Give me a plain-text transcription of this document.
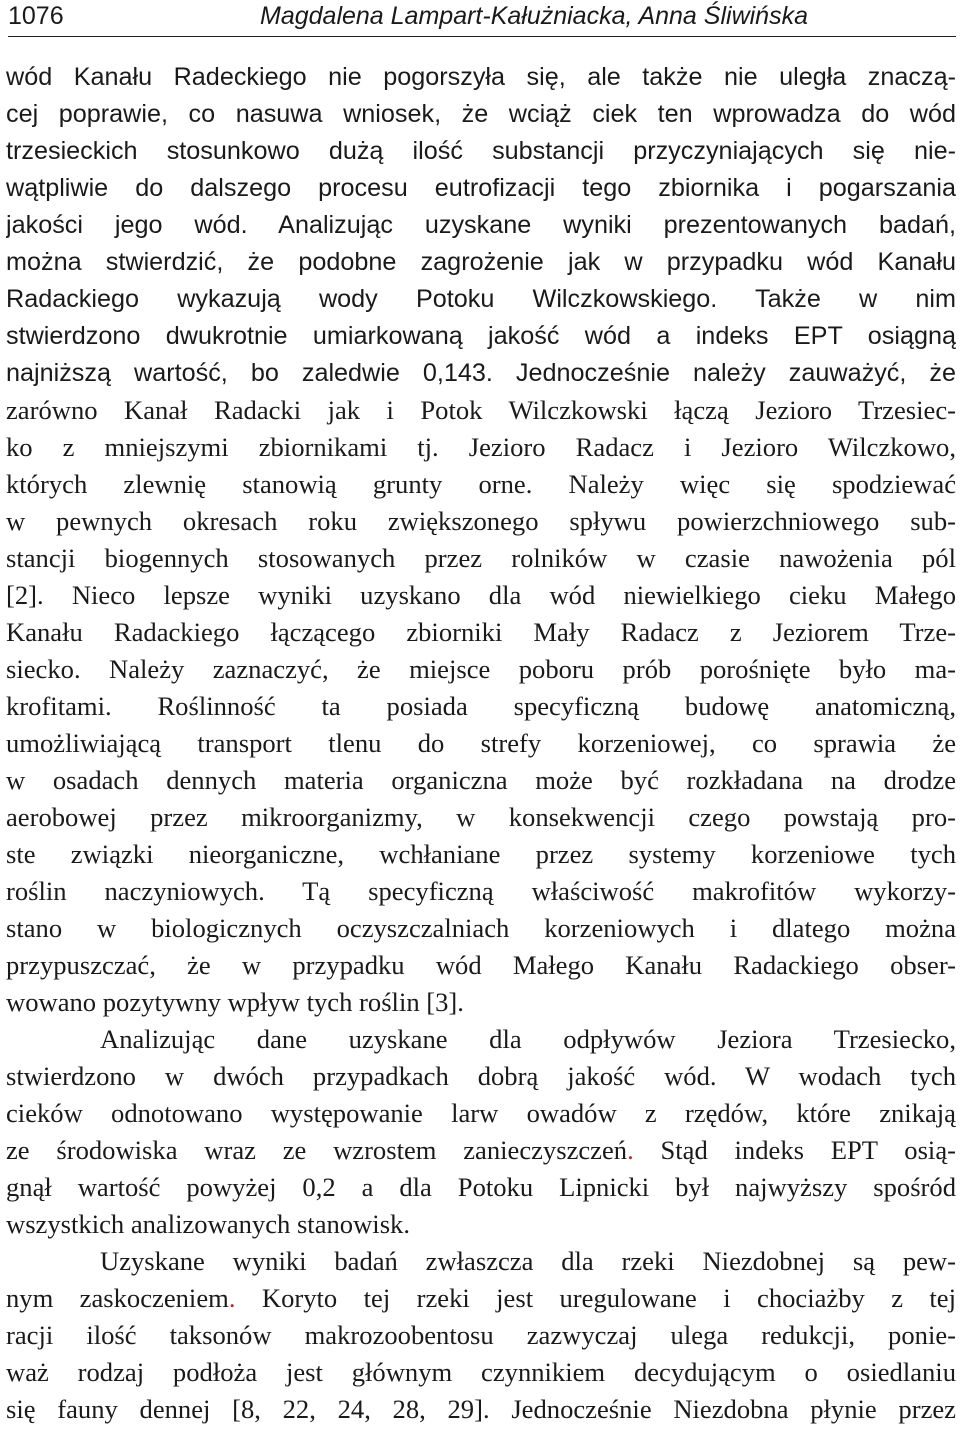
1076	Magdalena Lampart-Kałużniacka, Anna Śliwińska
wód Kanału Radeckiego nie pogorszyła się, ale także nie uległa znaczą-
cej poprawie, co nasuwa wniosek, że wciąż ciek ten wprowadza do wód
trzesieckich stosunkowo dużą ilość substancji przyczyniających się nie-
wątpliwie do dalszego procesu eutrofizacji tego zbiornika i pogarszania
jakości jego wód. Analizując uzyskane wyniki prezentowanych badań,
można stwierdzić, że podobne zagrożenie jak w przypadku wód Kanału
Radackiego wykazują wody Potoku Wilczkowskiego. Także w nim
stwierdzono dwukrotnie umiarkowaną jakość wód a indeks EPT osiągną
najniższą wartość, bo zaledwie 0,143. Jednocześnie należy zauważyć, że
zarówno Kanał Radacki jak i Potok Wilczkowski łączą Jezioro Trzesiec-
ko z mniejszymi zbiornikami tj. Jezioro Radacz i Jezioro Wilczkowo,
których zlewnię stanowią grunty orne. Należy więc się spodziewać
w pewnych okresach roku zwiększonego spływu powierzchniowego sub-
stancji biogennych stosowanych przez rolników w czasie nawożenia pól
[2]. Nieco lepsze wyniki uzyskano dla wód niewielkiego cieku Małego
Kanału Radackiego łączącego zbiorniki Mały Radacz z Jeziorem Trze-
siecko. Należy zaznaczyć, że miejsce poboru prób porośnięte było ma-
krofitami. Roślinność ta posiada specyficzną budowę anatomiczną,
umożliwiającą transport tlenu do strefy korzeniowej, co sprawia że
w osadach dennych materia organiczna może być rozkładana na drodze
aerobowej przez mikroorganizmy, w konsekwencji czego powstają pro-
ste związki nieorganiczne, wchłaniane przez systemy korzeniowe tych
roślin naczyniowych. Tą specyficzną właściwość makrofitów wykorzy-
stano w biologicznych oczyszczalniach korzeniowych i dlatego można
przypuszczać, że w przypadku wód Małego Kanału Radackiego obser-
wowano pozytywny wpływ tych roślin [3].
Analizując dane uzyskane dla odpływów Jeziora Trzesiecko,
stwierdzono w dwóch przypadkach dobrą jakość wód. W wodach tych
cieków odnotowano występowanie larw owadów z rzędów, które znikają
ze środowiska wraz ze wzrostem zanieczyszczeń. Stąd indeks EPT osią-
gnął wartość powyżej 0,2 a dla Potoku Lipnicki był najwyższy spośród
wszystkich analizowanych stanowisk.
Uzyskane wyniki badań zwłaszcza dla rzeki Niezdobnej są pew-
nym zaskoczeniem. Koryto tej rzeki jest uregulowane i chociażby z tej
racji ilość taksonów makrozoobentosu zazwyczaj ulega redukcji, ponie-
waż rodzaj podłoża jest głównym czynnikiem decydującym o osiedlaniu
się fauny dennej [8, 22, 24, 28, 29]. Jednocześnie Niezdobna płynie przez
